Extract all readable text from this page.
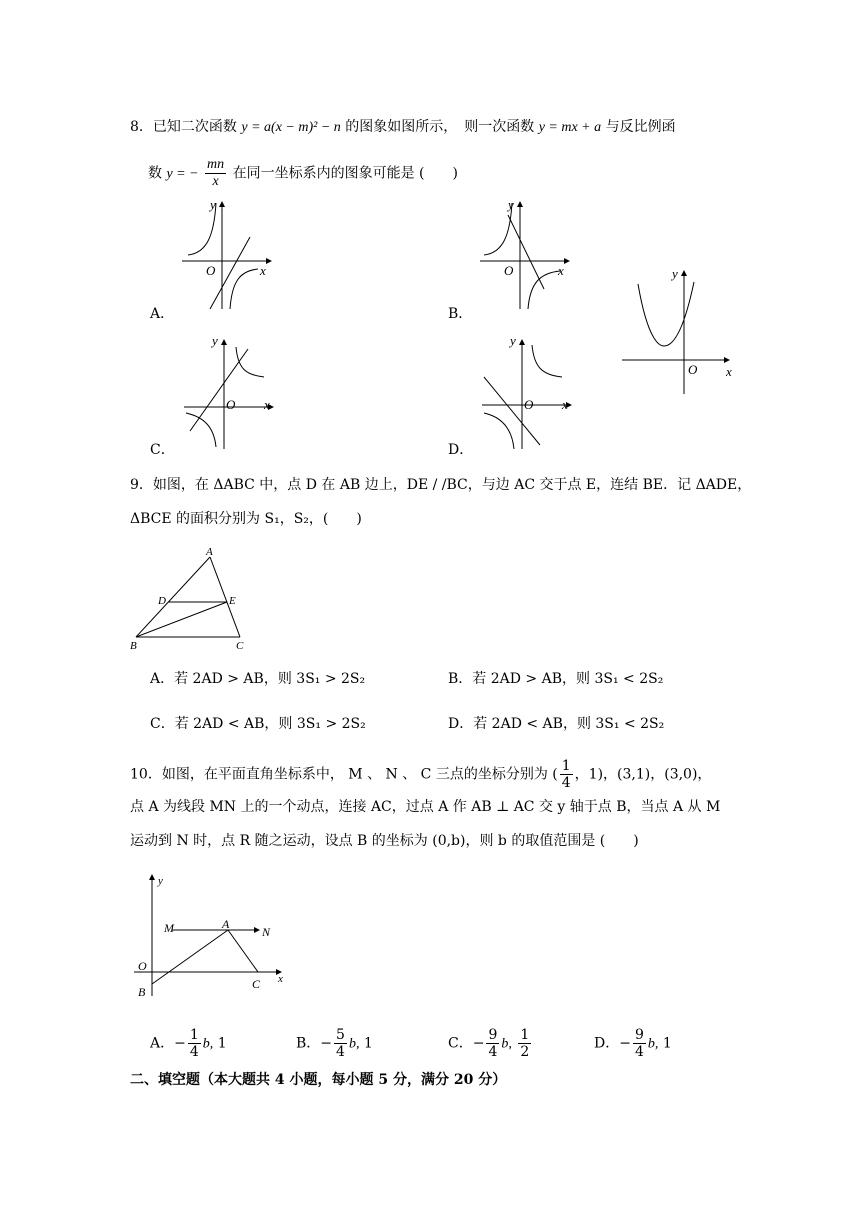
8．已知二次函数 y = a(x − m)² − n 的图象如图所示，　则一次函数 y = mx + a 与反比例函
数 y = − $\frac{mn}{x}$ 在同一坐标系内的图象可能是 (　　)
O	x
y
A．
O	x
y
B．
O x
y
C．
O x
y
D．
O x
y
9．如图，在 ΔABC 中，点 D 在 AB 边上，DE / /BC，与边 AC 交于点 E，连结 BE．记 ΔADE，
ΔBCE 的面积分别为 S₁，S₂，(　　)
A
D	E
B	C
A．若 2AD > AB，则 3S₁ > 2S₂	B．若 2AD > AB，则 3S₁ < 2S₂
C．若 2AD < AB，则 3S₁ > 2S₂	D．若 2AD < AB，则 3S₁ < 2S₂
10．如图，在平面直角坐标系中， M 、 N 、 C 三点的坐标分别为 ( $\frac{1}{4}$ ，1)，(3,1)，(3,0)，
点 A 为线段 MN 上的一个动点，连接 AC，过点 A 作 AB ⊥ AC 交 y 轴于点 B，当点 A 从 M
运动到 N 时，点 R 随之运动，设点 B 的坐标为 (0,b)，则 b 的取值范围是 (　　)
y
x
O
M	A
N
B
C
A．− $\frac{1}{4} b$, 1	B．− $\frac{5}{4} b$, 1	C．− $\frac{9}{4} b$, $\frac{1}{2}$	D．− $\frac{9}{4} b$, 1
二、填空题（本大题共 4 小题，每小题 5 分，满分 20 分）
